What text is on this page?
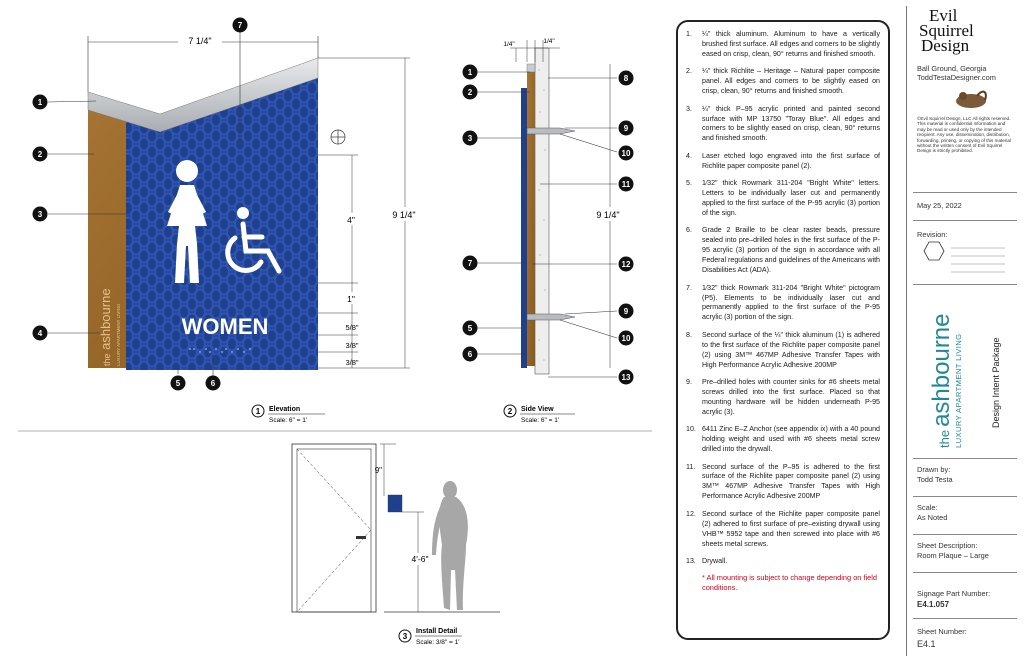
7 1/4"
the ashbourne LUXURY APARTMENT LIVING	WOMEN
9 1/4"
4"
1"
5/8"
3/8"
3/8"
7
1
2
3
4
5	6
1 Elevation
Scale: 6" = 1'
1/4"	1/4"
9 1/4"
1
2
3
7
5
6
8
9
10
11
12
9
10
13
2 Side View
Scale: 6" = 1'
9"
4'-6"
3
Install Detail
Scale: 3/8" = 1'
1.	¼" thick aluminum. Aluminum to have a vertically brushed first surface. All edges and corners to be slightly eased on crisp, clean, 90° returns and finished smooth.
2.	¼" thick Richlite – Heritage – Natural paper composite panel. All edges and corners to be slightly eased on crisp, clean, 90° returns and finished smooth.
3.	¼" thick P–95 acrylic printed and painted second surface with MP 13750 "Toray Blue". All edges and corners to be slightly eased on crisp, clean, 90° returns and finished smooth.
4.	Laser etched logo engraved into the first surface of Richlite paper composite panel (2).
5.	1⁄32" thick Rowmark 311-204 "Bright White" letters. Letters to be individually laser cut and permanently applied to the first surface of the P-95 acrylic (3) portion of the sign.
6.	Grade 2 Braille to be clear raster beads, pressure sealed into pre–drilled holes in the first surface of the P-95 acrylic (3) portion of the sign in accordance with all Federal regulations and guidelines of the Americans with Disabilities Act (ADA).
7.	1⁄32" thick Rowmark 311-204 "Bright White" pictogram (P5). Elements to be individually laser cut and permanently applied to the first surface of the P-95 acrylic (3) portion of the sign.
8.	Second surface of the ¼" thick aluminum (1) is adhered to the first surface of the Richlite paper composite panel (2) using 3M™ 467MP Adhesive Transfer Tapes with High Performance Acrylic Adhesive 200MP
9.	Pre–drilled holes with counter sinks for #6 sheets metal screws drilled into the first surface. Placed so that mounting hardware will be hidden underneath P-95 acrylic (3).
10. 6411 Zinc E–Z Anchor (see appendix ix) with a 40 pound holding weight and used with #6 sheets metal screw drilled into the drywall.
11. Second surface of the P–95 is adhered to the first surface of the Richlite paper composite panel (2) using 3M™ 467MP Adhesive Transfer Tapes with High Performance Acrylic Adhesive 200MP
12. Second surface of the Richlite paper composite panel (2) adhered to first surface of pre–existing drywall using VHB™ 5952 tape and then screwed into place with #6 sheets metal screws.
13. Drywall.
* All mounting is subject to change depending on field conditions.
Evil
Squirrel
Design
Ball Ground, Georgia
ToddTestaDesigner.com
©Evil Squirrel Design, LLC All rights reserved. This material is confidential information and may be read or used only by the intended recipient. Any use, dissemination, distribution, forwarding, printing, or copying of this material without the written consent of Evil Squirrel Design is strictly prohibited.
May 25, 2022
Revision:
theashbourne LUXURY APARTMENT LIVING	Design Intent Package
Drawn by:
Todd Testa
Scale:
As Noted
Sheet Description:
Room Plaque – Large
Signage Part Number:
E4.1.057
Sheet Number:
E4.1
